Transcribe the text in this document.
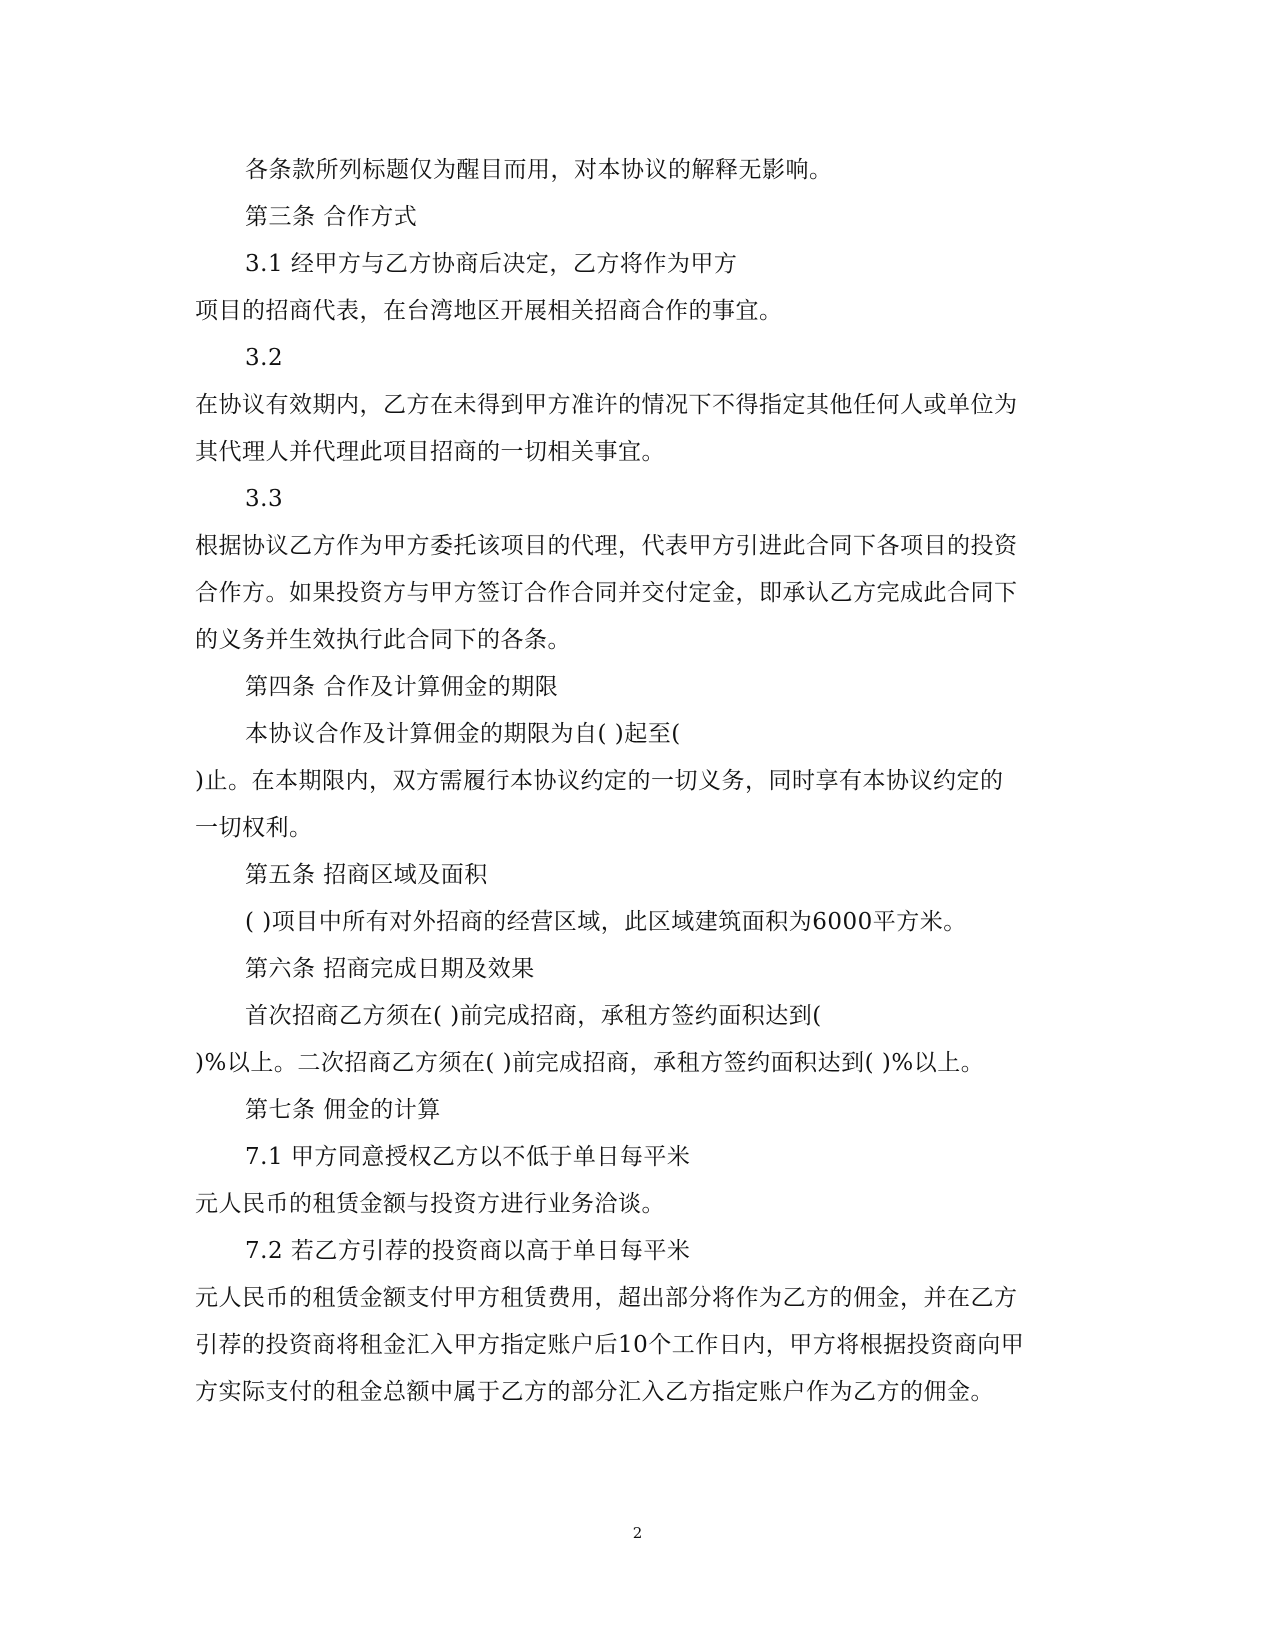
各条款所列标题仅为醒目而用，对本协议的解释无影响。
第三条 合作方式
3.1 经甲方与乙方协商后决定，乙方将作为甲方
项目的招商代表，在台湾地区开展相关招商合作的事宜。
3.2
在协议有效期内，乙方在未得到甲方准许的情况下不得指定其他任何人或单位为
其代理人并代理此项目招商的一切相关事宜。
3.3
根据协议乙方作为甲方委托该项目的代理，代表甲方引进此合同下各项目的投资
合作方。如果投资方与甲方签订合作合同并交付定金，即承认乙方完成此合同下
的义务并生效执行此合同下的各条。
第四条 合作及计算佣金的期限
本协议合作及计算佣金的期限为自( )起至(
)止。在本期限内，双方需履行本协议约定的一切义务，同时享有本协议约定的
一切权利。
第五条 招商区域及面积
( )项目中所有对外招商的经营区域，此区域建筑面积为6000平方米。
第六条 招商完成日期及效果
首次招商乙方须在( )前完成招商，承租方签约面积达到(
)%以上。二次招商乙方须在( )前完成招商，承租方签约面积达到( )%以上。
第七条 佣金的计算
7.1 甲方同意授权乙方以不低于单日每平米
元人民币的租赁金额与投资方进行业务洽谈。
7.2 若乙方引荐的投资商以高于单日每平米
元人民币的租赁金额支付甲方租赁费用，超出部分将作为乙方的佣金，并在乙方
引荐的投资商将租金汇入甲方指定账户后10个工作日内，甲方将根据投资商向甲
方实际支付的租金总额中属于乙方的部分汇入乙方指定账户作为乙方的佣金。
2
